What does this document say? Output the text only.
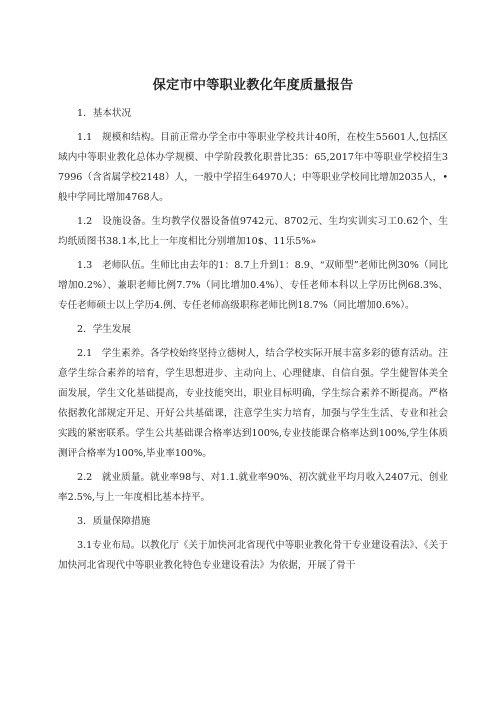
保定市中等职业教化年度质量报告
1．基本状况

1.1　规模和结构。目前正常办学全市中等职业学校共计40所，在校生55601人,包括区域内中等职业教化总体办学规模、中学阶段教化职普比35：65,2017年中等职业学校招生37996（含省属学校2148）人，一般中学招生64970人；中等职业学校同比增加2035人，•般中学同比增加4768人。

1.2　设施设备。生均教学仪器设备值9742元、8702元、生均实训实习工0.62个、生均纸质图书38.1本,比上一年度相比分别增加10$、11乐5%»

1.3　老师队伍。生师比由去年的1：8.7上升到1：8.9、“双师型”老师比例30%（同比增加0.2%）、兼职老师比例7.7%（同比增加0.4%）、专任老师本科以上学历比例68.3%、专任老师硕士以上学历4.例、专任老师高级职称老师比例18.7%（同比增加0.6%）。

2．学生发展

2.1　学生素养。各学校始终坚持立德树人，结合学校实际开展丰富多彩的德育活动。注意学生综合素养的培育，学生思想进步、主动向上、心理健康、自信自强。学生健智体美全面发展，学生文化基础提高，专业技能突出，职业目标明确，学生综合素养不断提高。严格依据教化部规定开足、开好公共基础课，注意学生实力培育，加强与学生生活、专业和社会实践的紧密联系。学生公共基础课合格率达到100%,专业技能课合格率达到100%,学生体质测评合格率为100%,毕业率100%。

2.2　就业质量。就业率98与、对1.1.就业率90%、初次就业平均月收入2407元、创业率2.5%,与上一年度相比基本持平。

3．质量保障措施

3.1专业布局。以教化厅《关于加快河北省现代中等职业教化骨干专业建设看法》、《关于加快河北省现代中等职业教化特色专业建设看法》为依据，开展了骨干
